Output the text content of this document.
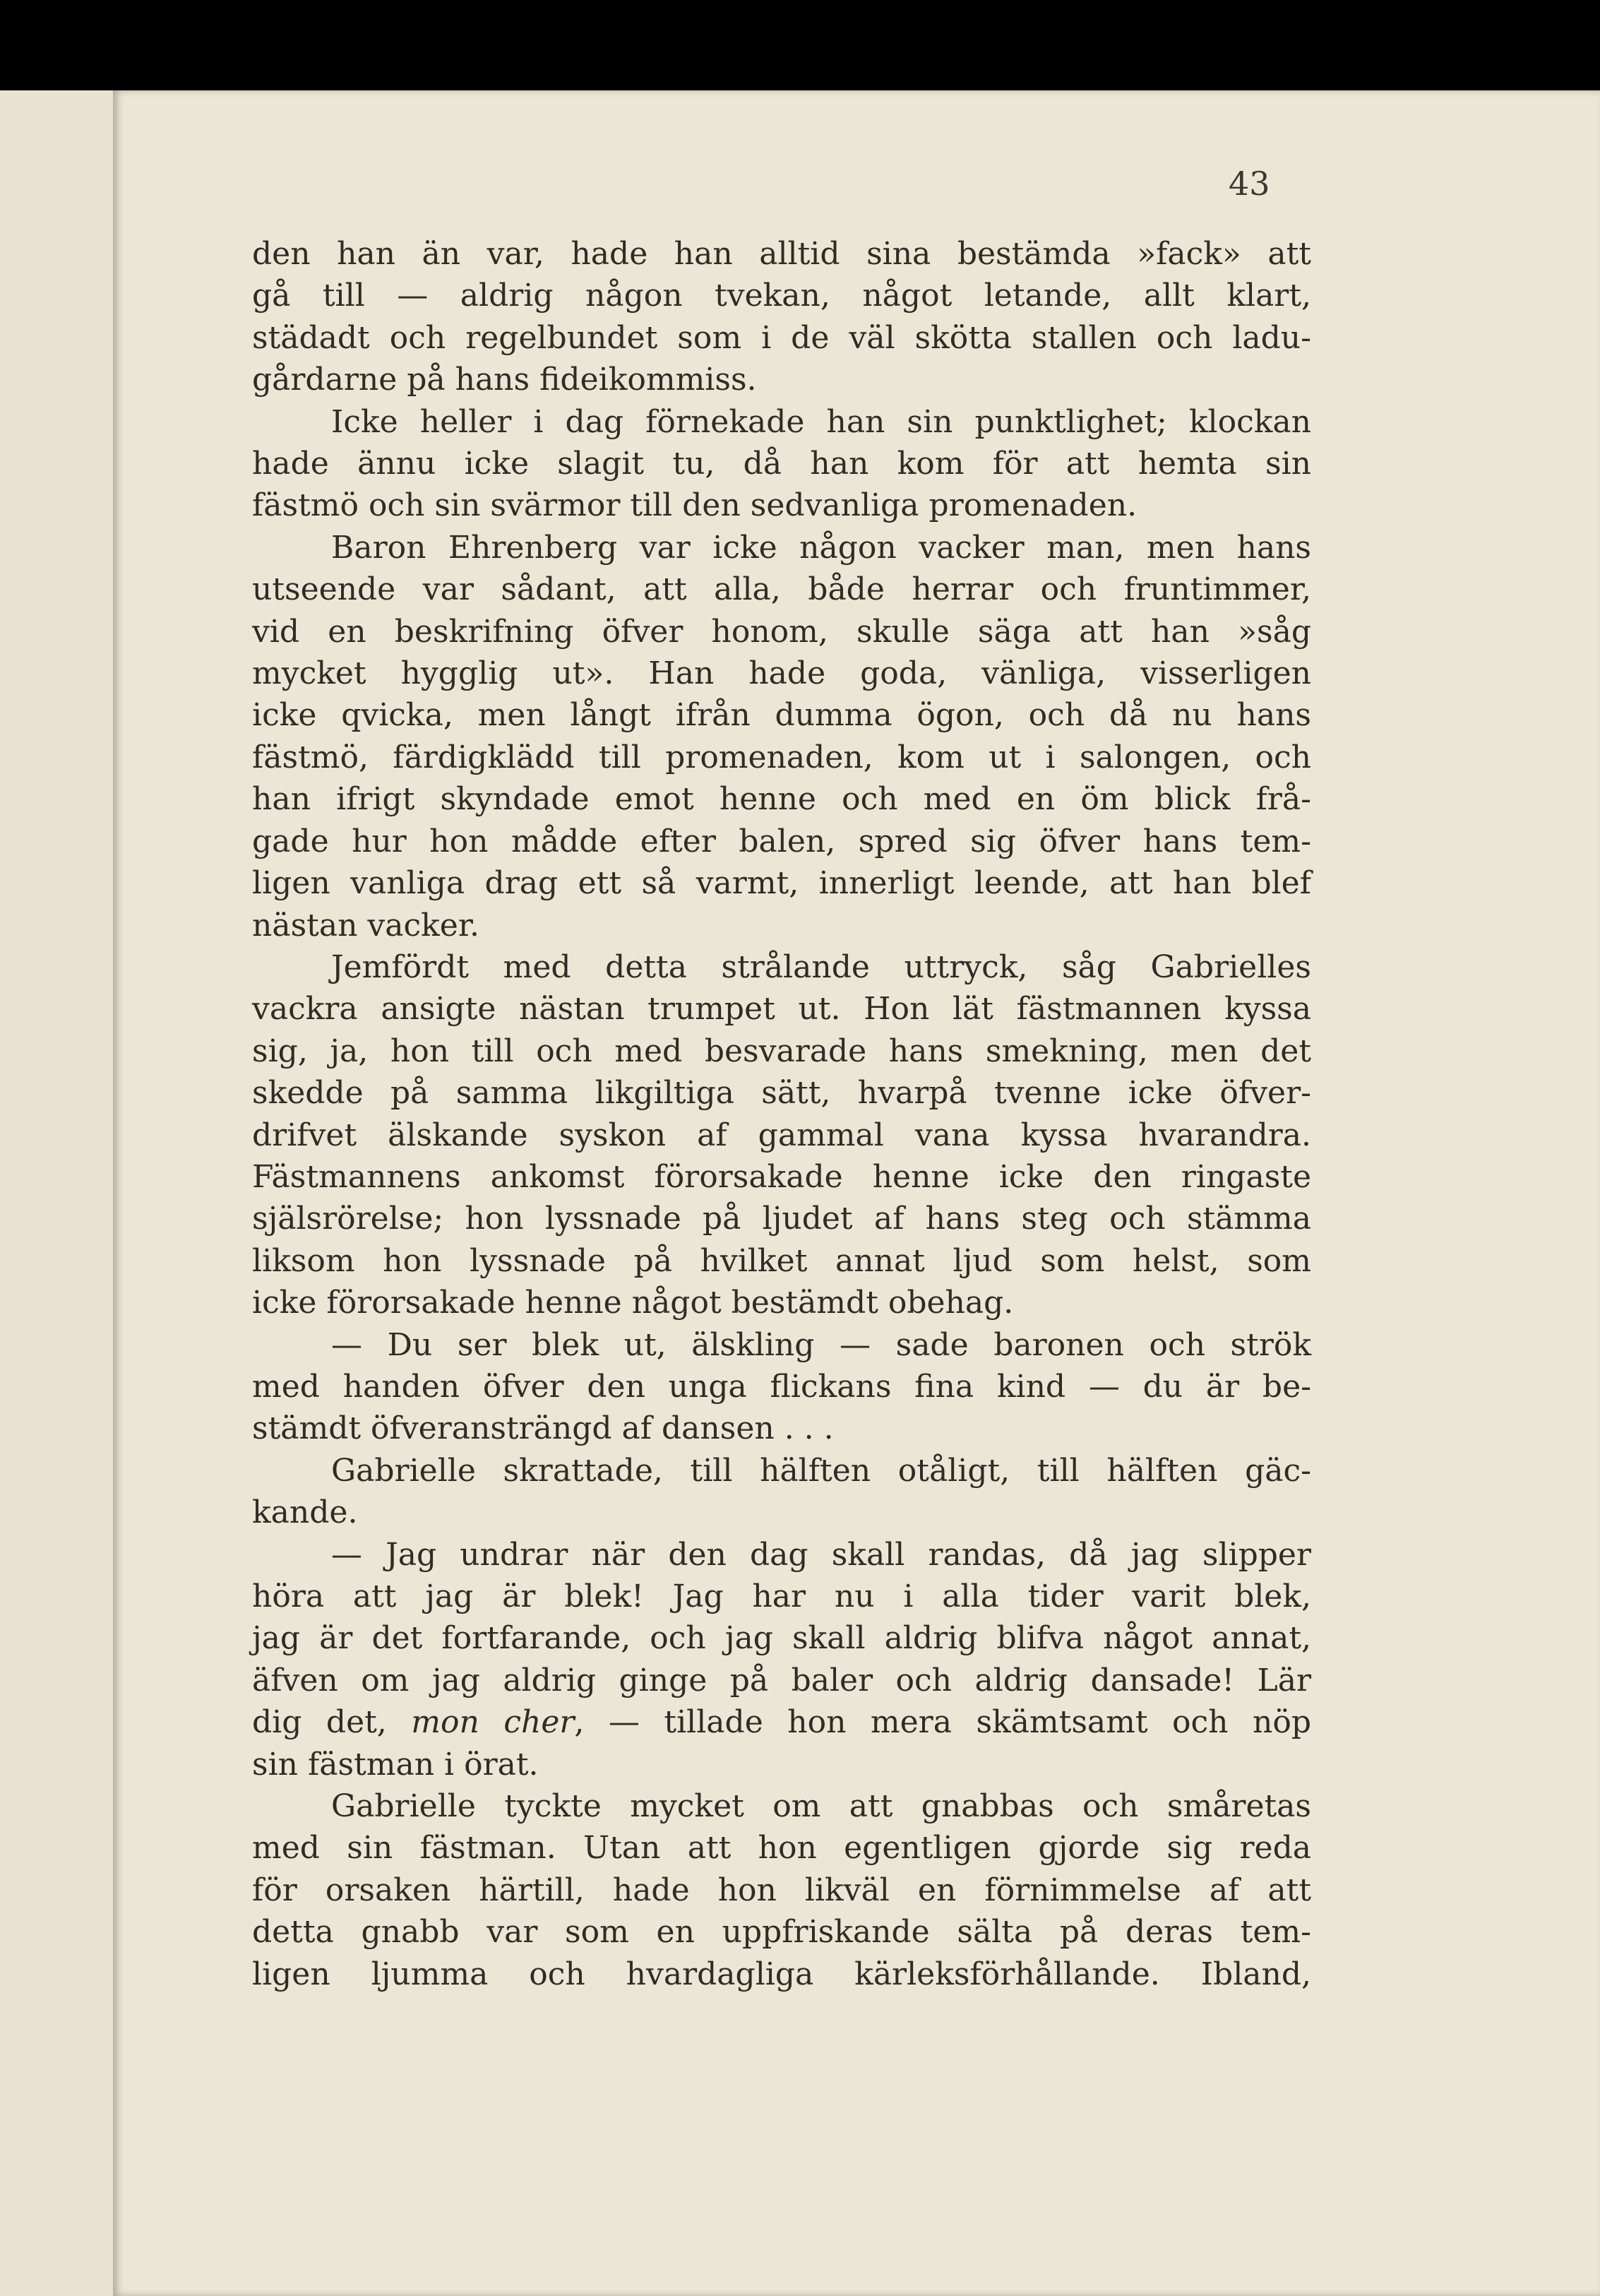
43
den han än var, hade han alltid sina bestämda »fack» att
gå till — aldrig någon tvekan, något letande, allt klart,
städadt och regelbundet som i de väl skötta stallen och ladu-
gårdarne på hans fideikommiss.
Icke heller i dag förnekade han sin punktlighet; klockan
hade ännu icke slagit tu, då han kom för att hemta sin
fästmö och sin svärmor till den sedvanliga promenaden.
Baron Ehrenberg var icke någon vacker man, men hans
utseende var sådant, att alla, både herrar och fruntimmer,
vid en beskrifning öfver honom, skulle säga att han »såg
mycket hygglig ut». Han hade goda, vänliga, visserligen
icke qvicka, men långt ifrån dumma ögon, och då nu hans
fästmö, färdigklädd till promenaden, kom ut i salongen, och
han ifrigt skyndade emot henne och med en öm blick frå-
gade hur hon mådde efter balen, spred sig öfver hans tem-
ligen vanliga drag ett så varmt, innerligt leende, att han blef
nästan vacker.
Jemfördt med detta strålande uttryck, såg Gabrielles
vackra ansigte nästan trumpet ut. Hon lät fästmannen kyssa
sig, ja, hon till och med besvarade hans smekning, men det
skedde på samma likgiltiga sätt, hvarpå tvenne icke öfver-
drifvet älskande syskon af gammal vana kyssa hvarandra.
Fästmannens ankomst förorsakade henne icke den ringaste
själsrörelse; hon lyssnade på ljudet af hans steg och stämma
liksom hon lyssnade på hvilket annat ljud som helst, som
icke förorsakade henne något bestämdt obehag.
— Du ser blek ut, älskling — sade baronen och strök
med handen öfver den unga flickans fina kind — du är be-
stämdt öfveransträngd af dansen . . .
Gabrielle skrattade, till hälften otåligt, till hälften gäc-
kande.
— Jag undrar när den dag skall randas, då jag slipper
höra att jag är blek! Jag har nu i alla tider varit blek,
jag är det fortfarande, och jag skall aldrig blifva något annat,
äfven om jag aldrig ginge på baler och aldrig dansade! Lär
dig det, mon cher, — tillade hon mera skämtsamt och nöp
sin fästman i örat.
Gabrielle tyckte mycket om att gnabbas och småretas
med sin fästman. Utan att hon egentligen gjorde sig reda
för orsaken härtill, hade hon likväl en förnimmelse af att
detta gnabb var som en uppfriskande sälta på deras tem-
ligen ljumma och hvardagliga kärleksförhållande. Ibland,
